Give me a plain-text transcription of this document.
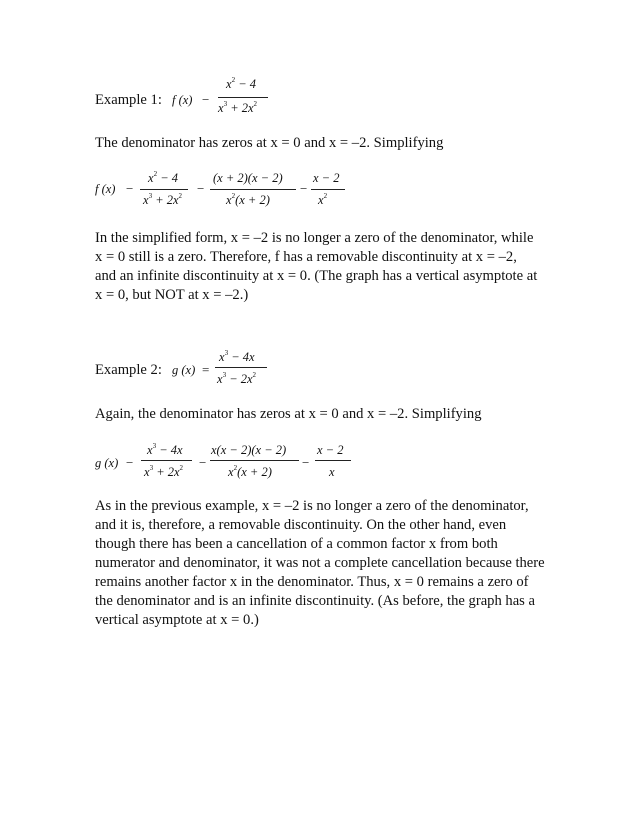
Example 1: f (x) −
$x^2 - 4$
$x^3 + 2x^2$
The denominator has zeros at x = 0 and x = –2. Simplifying
f (x) −
$x^2 - 4$
$x^3 + 2x^2$ −
(x + 2)(x − 2)
$x^2(x + 2)$
−
x − 2
$x^2$
In the simplified form, x = –2 is no longer a zero of the denominator, while
x = 0 still is a zero. Therefore, f has a removable discontinuity at x = –2,
and an infinite discontinuity at x = 0. (The graph has a vertical asymptote at
x = 0, but NOT at x = –2.)
Example 2: g (x) =
$x^3 - 4x$
$x^3 - 2x^2$
Again, the denominator has zeros at x = 0 and x = –2. Simplifying
g (x) −
$x^3 - 4x$
$x^3 + 2x^2$ −
x(x − 2)(x − 2)
$x^2(x + 2)$
−
x − 2
x
As in the previous example, x = –2 is no longer a zero of the denominator,
and it is, therefore, a removable discontinuity. On the other hand, even
though there has been a cancellation of a common factor x from both
numerator and denominator, it was not a complete cancellation because there
remains another factor x in the denominator. Thus, x = 0 remains a zero of
the denominator and is an infinite discontinuity. (As before, the graph has a
vertical asymptote at x = 0.)
